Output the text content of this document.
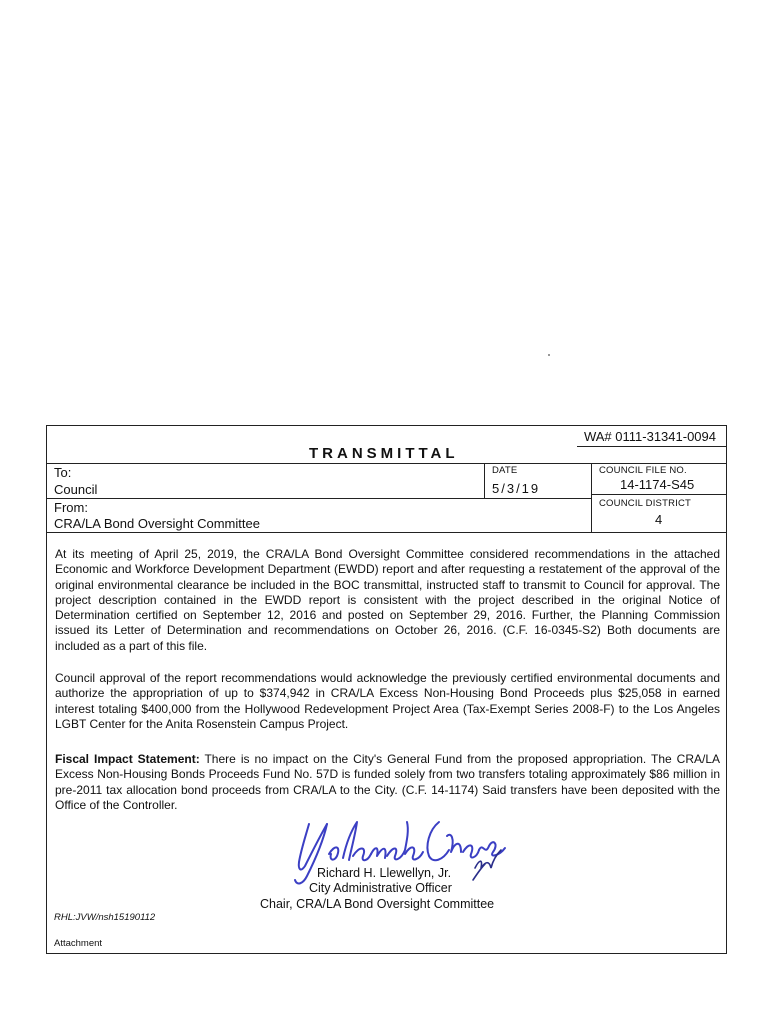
WA# 0111-31341-0094
TRANSMITTAL
To:
Council
DATE
5/3/19
COUNCIL FILE NO.
14-1174-S45
From:
CRA/LA Bond Oversight Committee
COUNCIL DISTRICT
4

At its meeting of April 25, 2019, the CRA/LA Bond Oversight Committee considered recommendations in the attached Economic and Workforce Development Department (EWDD) report and after requesting a restatement of the approval of the original environmental clearance be included in the BOC transmittal, instructed staff to transmit to Council for approval. The project description contained in the EWDD report is consistent with the project described in the original Notice of Determination certified on September 12, 2016 and posted on September 29, 2016. Further, the Planning Commission issued its Letter of Determination and recommendations on October 26, 2016. (C.F. 16-0345-S2) Both documents are included as a part of this file.

Council approval of the report recommendations would acknowledge the previously certified environmental documents and authorize the appropriation of up to $374,942 in CRA/LA Excess Non-Housing Bond Proceeds plus $25,058 in earned interest totaling $400,000 from the Hollywood Redevelopment Project Area (Tax-Exempt Series 2008-F) to the Los Angeles LGBT Center for the Anita Rosenstein Campus Project.

Fiscal Impact Statement: There is no impact on the City's General Fund from the proposed appropriation. The CRA/LA Excess Non-Housing Bonds Proceeds Fund No. 57D is funded solely from two transfers totaling approximately $86 million in pre-2011 tax allocation bond proceeds from CRA/LA to the City. (C.F. 14-1174) Said transfers have been deposited with the Office of the Controller.

Richard H. Llewellyn, Jr.
City Administrative Officer
Chair, CRA/LA Bond Oversight Committee
RHL:JVW/nsh15190112
Attachment
